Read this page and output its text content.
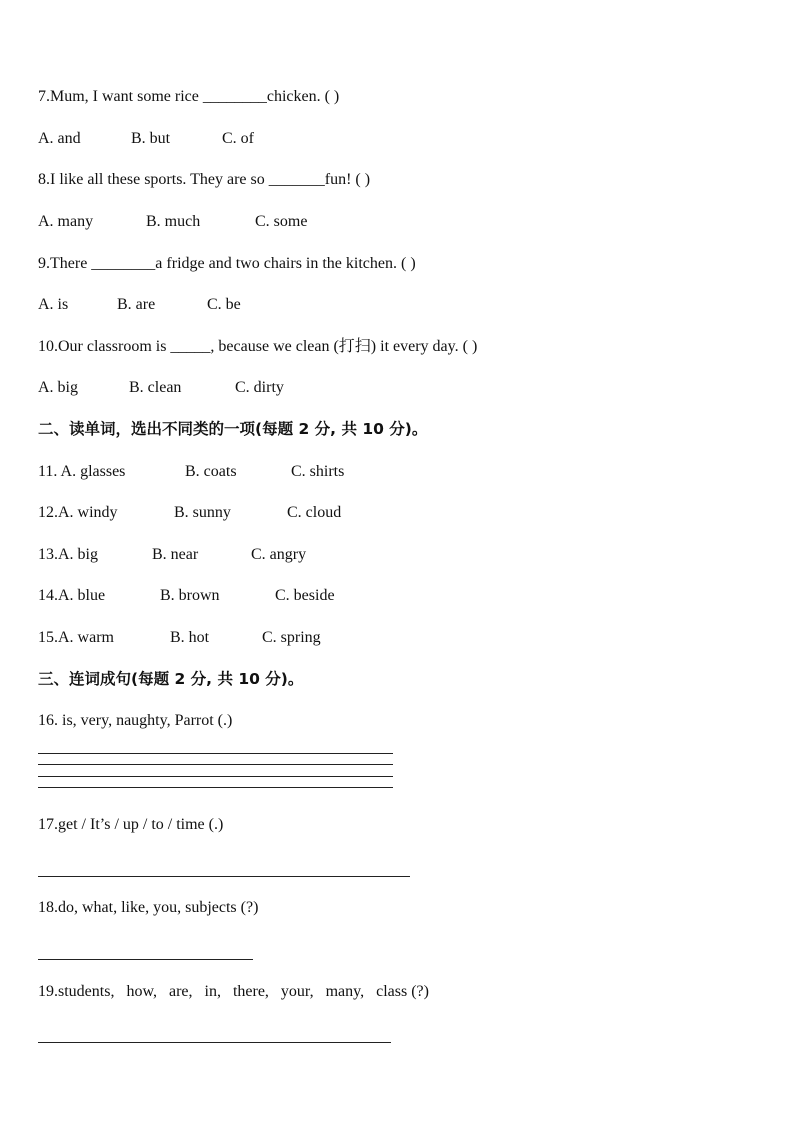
7.Mum, I want some rice ________chicken. ( )
A. and	B. but	C. of
8.I like all these sports. They are so _______fun! ( )
A. many	B. much	C. some
9.There ________a fridge and two chairs in the kitchen. ( )
A. is	B. are	C. be
10.Our classroom is _____, because we clean (打扫) it every day. ( )
A. big	B. clean	C. dirty
二、读单词，选出不同类的一项(每题 2 分, 共 10 分)。
11. A. glasses	B. coats	C. shirts
12.A. windy	B. sunny	C. cloud
13.A. big	B. near	C. angry
14.A. blue	B. brown	C. beside
15.A. warm	B. hot	C. spring
三、连词成句(每题 2 分, 共 10 分)。
16. is, very, naughty, Parrot (.)
17.get / It’s / up / to / time (.)
18.do, what, like, you, subjects (?)
19.students,   how,   are,   in,   there,   your,   many,   class (?)
